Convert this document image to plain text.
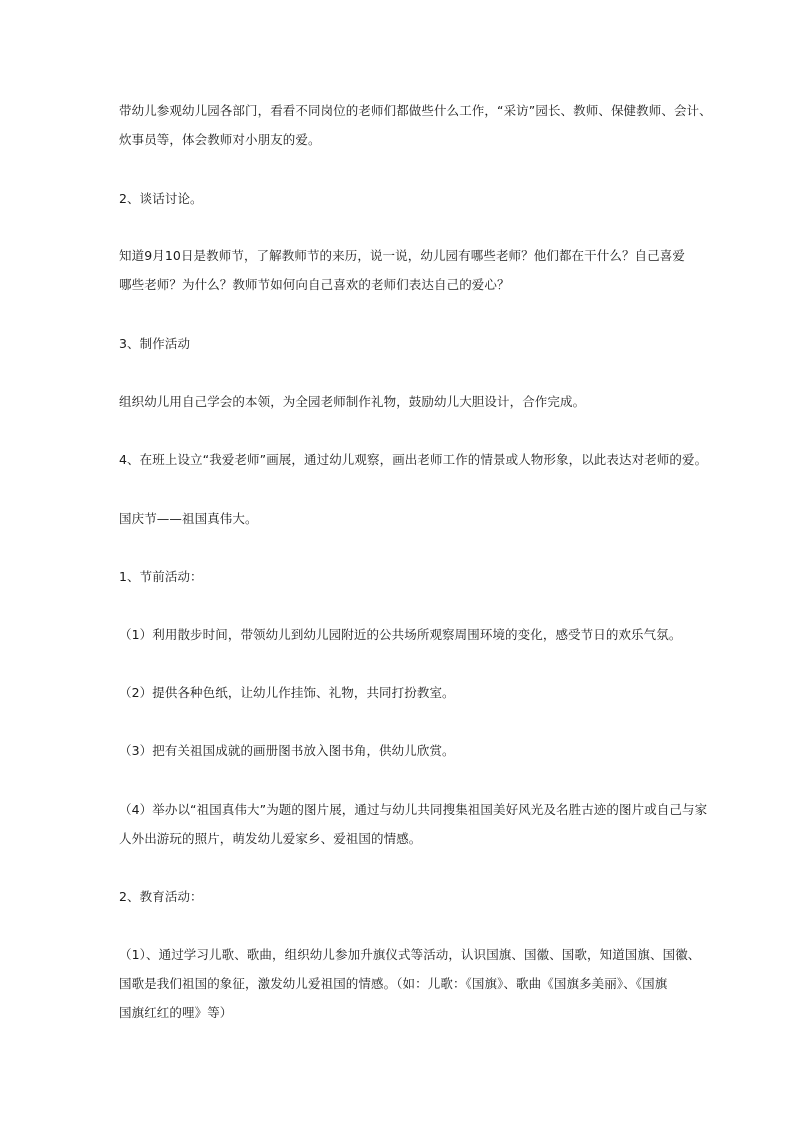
带幼儿参观幼儿园各部门，看看不同岗位的老师们都做些什么工作，“采访”园长、教师、保健教师、会计、
炊事员等，体会教师对小朋友的爱。

2、谈话讨论。

知道9月10日是教师节，了解教师节的来历，说一说，幼儿园有哪些老师？他们都在干什么？自己喜爱
哪些老师？为什么？教师节如何向自己喜欢的老师们表达自己的爱心？

3、制作活动

组织幼儿用自己学会的本领，为全园老师制作礼物，鼓励幼儿大胆设计，合作完成。

4、在班上设立“我爱老师”画展，通过幼儿观察，画出老师工作的情景或人物形象，以此表达对老师的爱。

国庆节——祖国真伟大。

1、节前活动：

（1）利用散步时间，带领幼儿到幼儿园附近的公共场所观察周围环境的变化，感受节日的欢乐气氛。

（2）提供各种色纸，让幼儿作挂饰、礼物，共同打扮教室。

（3）把有关祖国成就的画册图书放入图书角，供幼儿欣赏。

（4）举办以“祖国真伟大”为题的图片展，通过与幼儿共同搜集祖国美好风光及名胜古迹的图片或自己与家
人外出游玩的照片，萌发幼儿爱家乡、爱祖国的情感。

2、教育活动：

（1）、通过学习儿歌、歌曲，组织幼儿参加升旗仪式等活动，认识国旗、国徽、国歌，知道国旗、国徽、
国歌是我们祖国的象征，激发幼儿爱祖国的情感。（如：儿歌：《国旗》、歌曲《国旗多美丽》、《国旗
国旗红红的哩》等）
